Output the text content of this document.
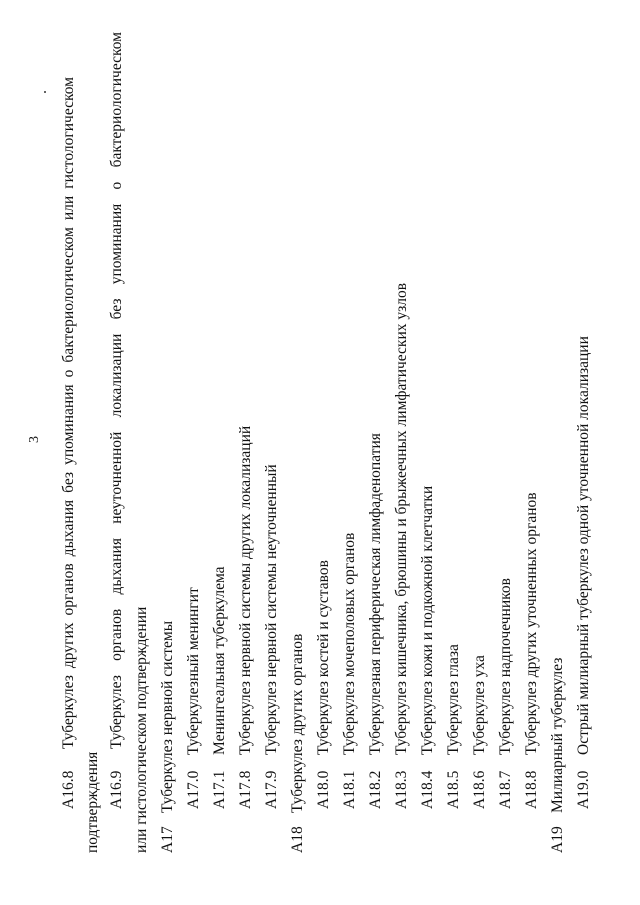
3
A16.8Туберкулез других органов дыхания без упоминания о бактериологическом или гистологическом
подтверждения A16.9Туберкулез органов дыхания неуточненной локализации без упоминания о бактериологическом или гистологическом подтверждении A17Туберкулез нервной системы A17.0Туберкулезный менингит
A17.1Менингеальная туберкулема
A17.8Туберкулез нервной системы других локализаций
A17.9Туберкулез нервной системы неуточненный
A18Туберкулез других органов A18.0Туберкулез костей и суставов
A18.1Туберкулез мочеполовых органов
A18.2Туберкулезная периферическая лимфаденопатия
A18.3Туберкулез кишечника, брюшины и брыжеечных лимфатических узлов
A18.4Туберкулез кожи и подкожной клетчатки
A18.5Туберкулез глаза
A18.6Туберкулез уха
A18.7Туберкулез надпочечников
A18.8Туберкулез других уточненных органов
A19Милиарный туберкулез A19.0Острый милиарный туберкулез одной уточненной локализации
